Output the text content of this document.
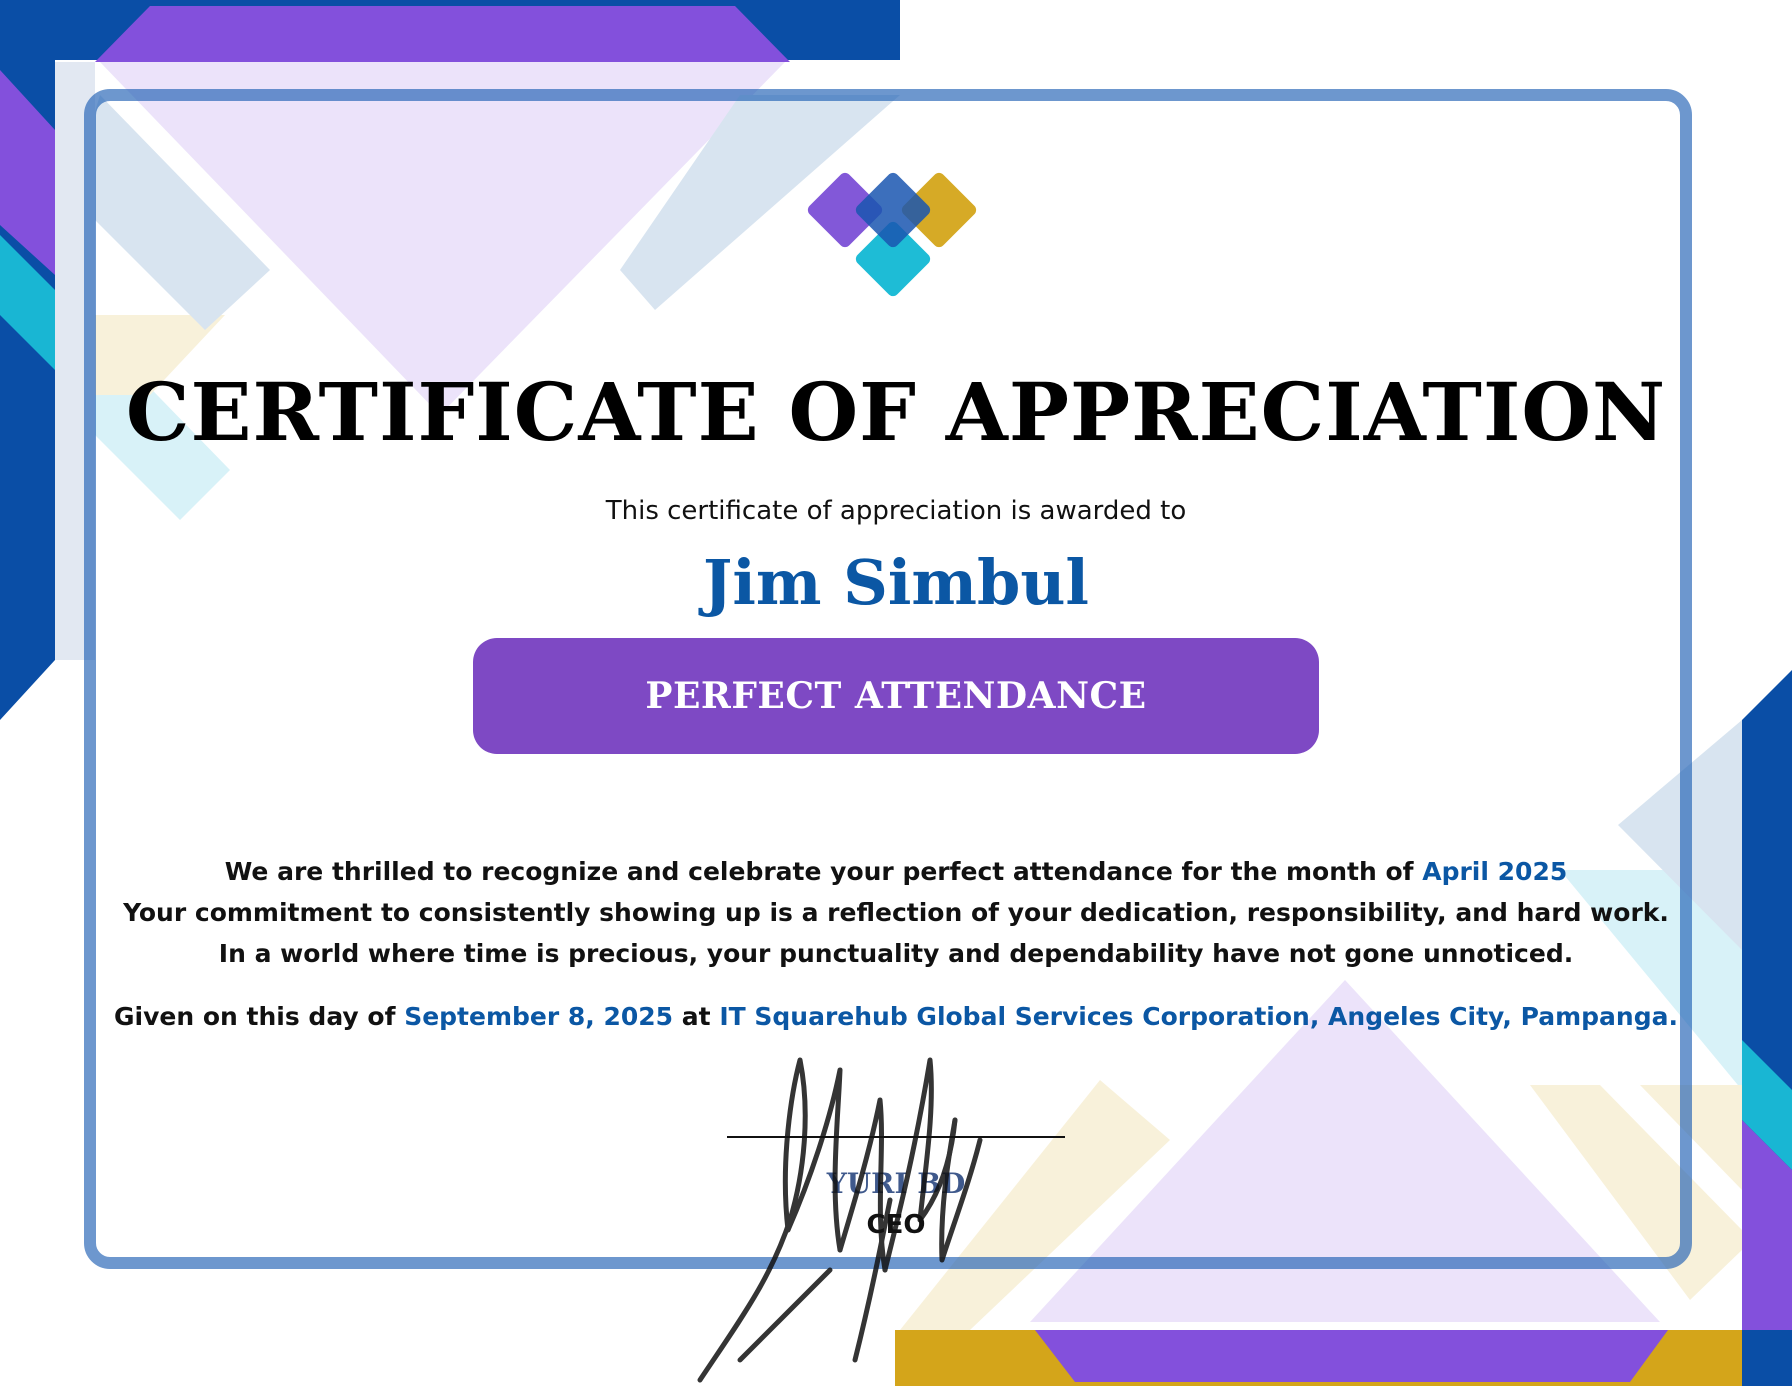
CERTIFICATE OF APPRECIATION
This certificate of appreciation is awarded to
Jim Simbul
PERFECT ATTENDANCE
We are thrilled to recognize and celebrate your perfect attendance for the month of April 2025
Your commitment to consistently showing up is a reflection of your dedication, responsibility, and hard work. In a world where time is precious, your punctuality and dependability have not gone unnoticed.
Given on this day of September 8, 2025 at IT Squarehub Global Services Corporation, Angeles City, Pampanga.
YURI BD
CEO
